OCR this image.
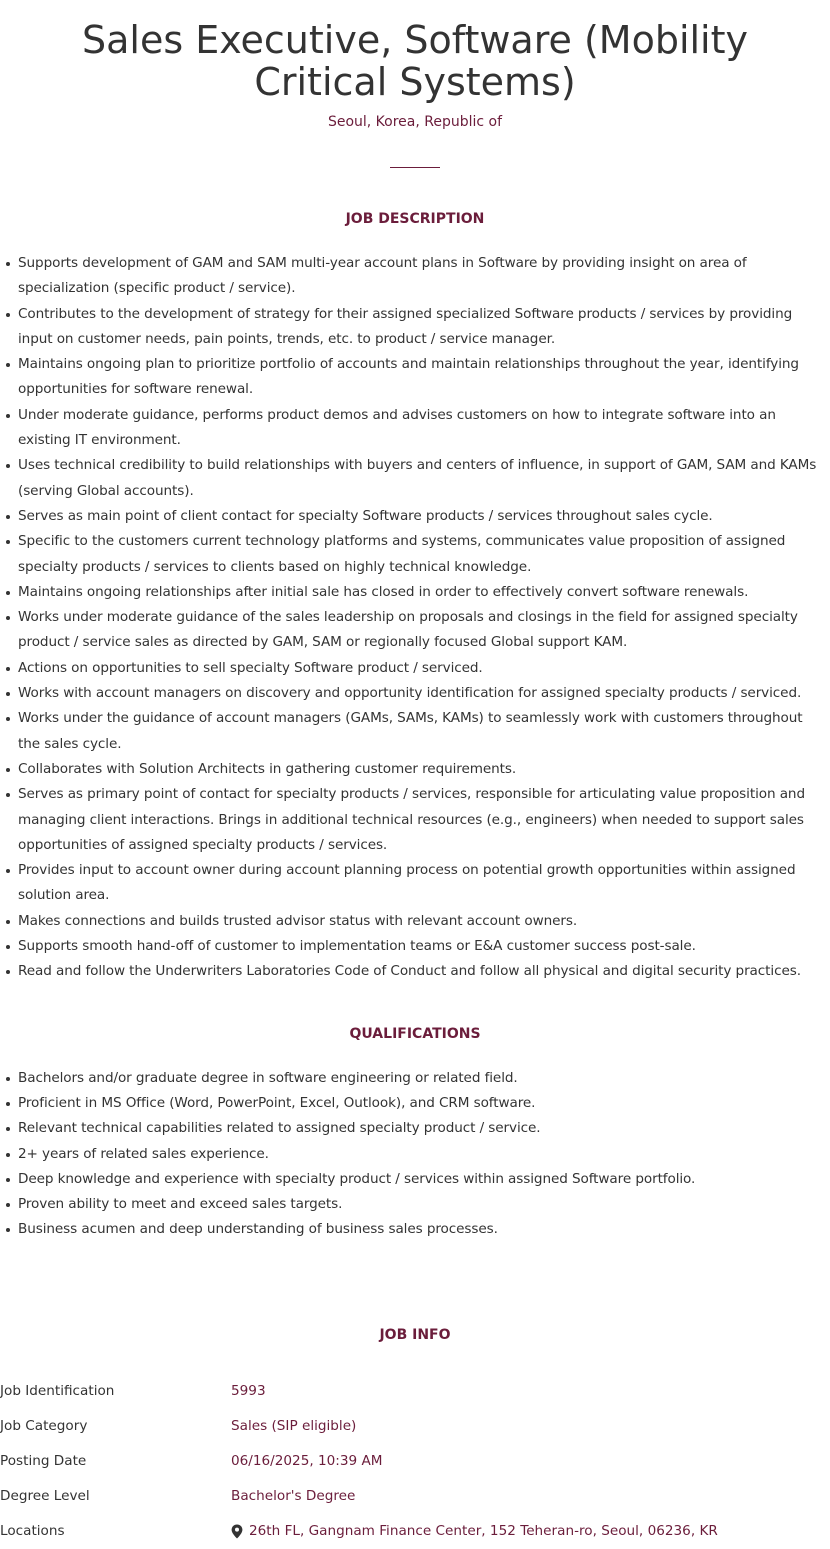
Sales Executive, Software (Mobility Critical Systems)
Seoul, Korea, Republic of
JOB DESCRIPTION
Supports development of GAM and SAM multi-year account plans in Software by providing insight on area of specialization (specific product / service).
Contributes to the development of strategy for their assigned specialized Software products / services by providing input on customer needs, pain points, trends, etc. to product / service manager.
Maintains ongoing plan to prioritize portfolio of accounts and maintain relationships throughout the year, identifying opportunities for software renewal.
Under moderate guidance, performs product demos and advises customers on how to integrate software into an existing IT environment.
Uses technical credibility to build relationships with buyers and centers of influence, in support of GAM, SAM and KAMs (serving Global accounts).
Serves as main point of client contact for specialty Software products / services throughout sales cycle.
Specific to the customers current technology platforms and systems, communicates value proposition of assigned specialty products / services to clients based on highly technical knowledge.
Maintains ongoing relationships after initial sale has closed in order to effectively convert software renewals.
Works under moderate guidance of the sales leadership on proposals and closings in the field for assigned specialty product / service sales as directed by GAM, SAM or regionally focused Global support KAM.
Actions on opportunities to sell specialty Software product / serviced.
Works with account managers on discovery and opportunity identification for assigned specialty products / serviced.
Works under the guidance of account managers (GAMs, SAMs, KAMs) to seamlessly work with customers throughout the sales cycle.
Collaborates with Solution Architects in gathering customer requirements.
Serves as primary point of contact for specialty products / services, responsible for articulating value proposition and managing client interactions. Brings in additional technical resources (e.g., engineers) when needed to support sales opportunities of assigned specialty products / services.
Provides input to account owner during account planning process on potential growth opportunities within assigned solution area.
Makes connections and builds trusted advisor status with relevant account owners.
Supports smooth hand-off of customer to implementation teams or E&A customer success post-sale.
Read and follow the Underwriters Laboratories Code of Conduct and follow all physical and digital security practices.
QUALIFICATIONS
Bachelors and/or graduate degree in software engineering or related field.
Proficient in MS Office (Word, PowerPoint, Excel, Outlook), and CRM software.
Relevant technical capabilities related to assigned specialty product / service.
2+ years of related sales experience.
Deep knowledge and experience with specialty product / services within assigned Software portfolio.
Proven ability to meet and exceed sales targets.
Business acumen and deep understanding of business sales processes.
JOB INFO
Job Identification	5993
Job Category	Sales (SIP eligible)
Posting Date	06/16/2025, 10:39 AM
Degree Level	Bachelor's Degree
Locations	26th FL, Gangnam Finance Center, 152 Teheran-ro, Seoul, 06236, KR
